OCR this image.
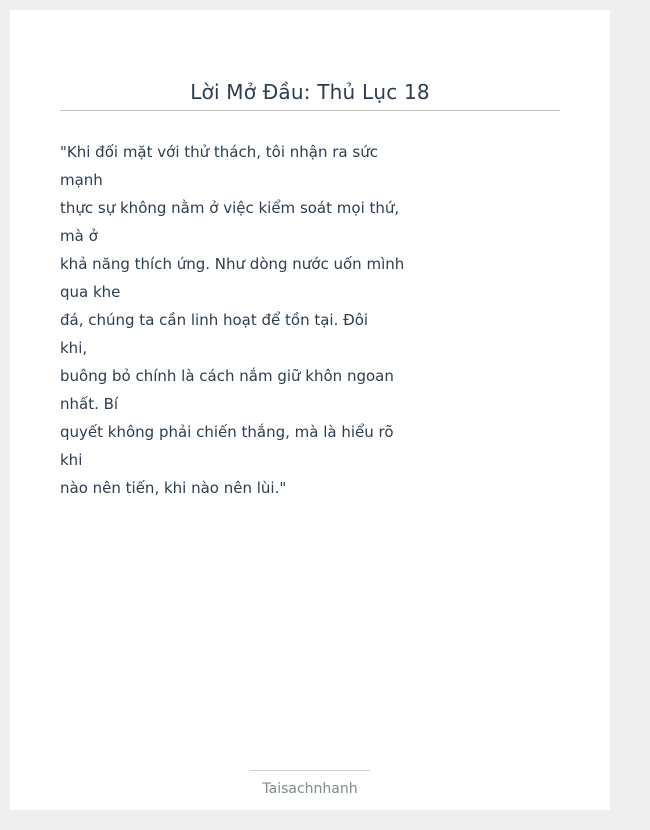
Lời Mở Đầu: Thủ Lục 18
"Khi đối mặt với thử thách, tôi nhận ra sức
mạnh
thực sự không nằm ở việc kiểm soát mọi thứ,
mà ở
khả năng thích ứng. Như dòng nước uốn mình
qua khe
đá, chúng ta cần linh hoạt để tồn tại. Đôi
khi,
buông bỏ chính là cách nắm giữ khôn ngoan
nhất. Bí
quyết không phải chiến thắng, mà là hiểu rõ
khi
nào nên tiến, khi nào nên lùi."
Taisachnhanh
